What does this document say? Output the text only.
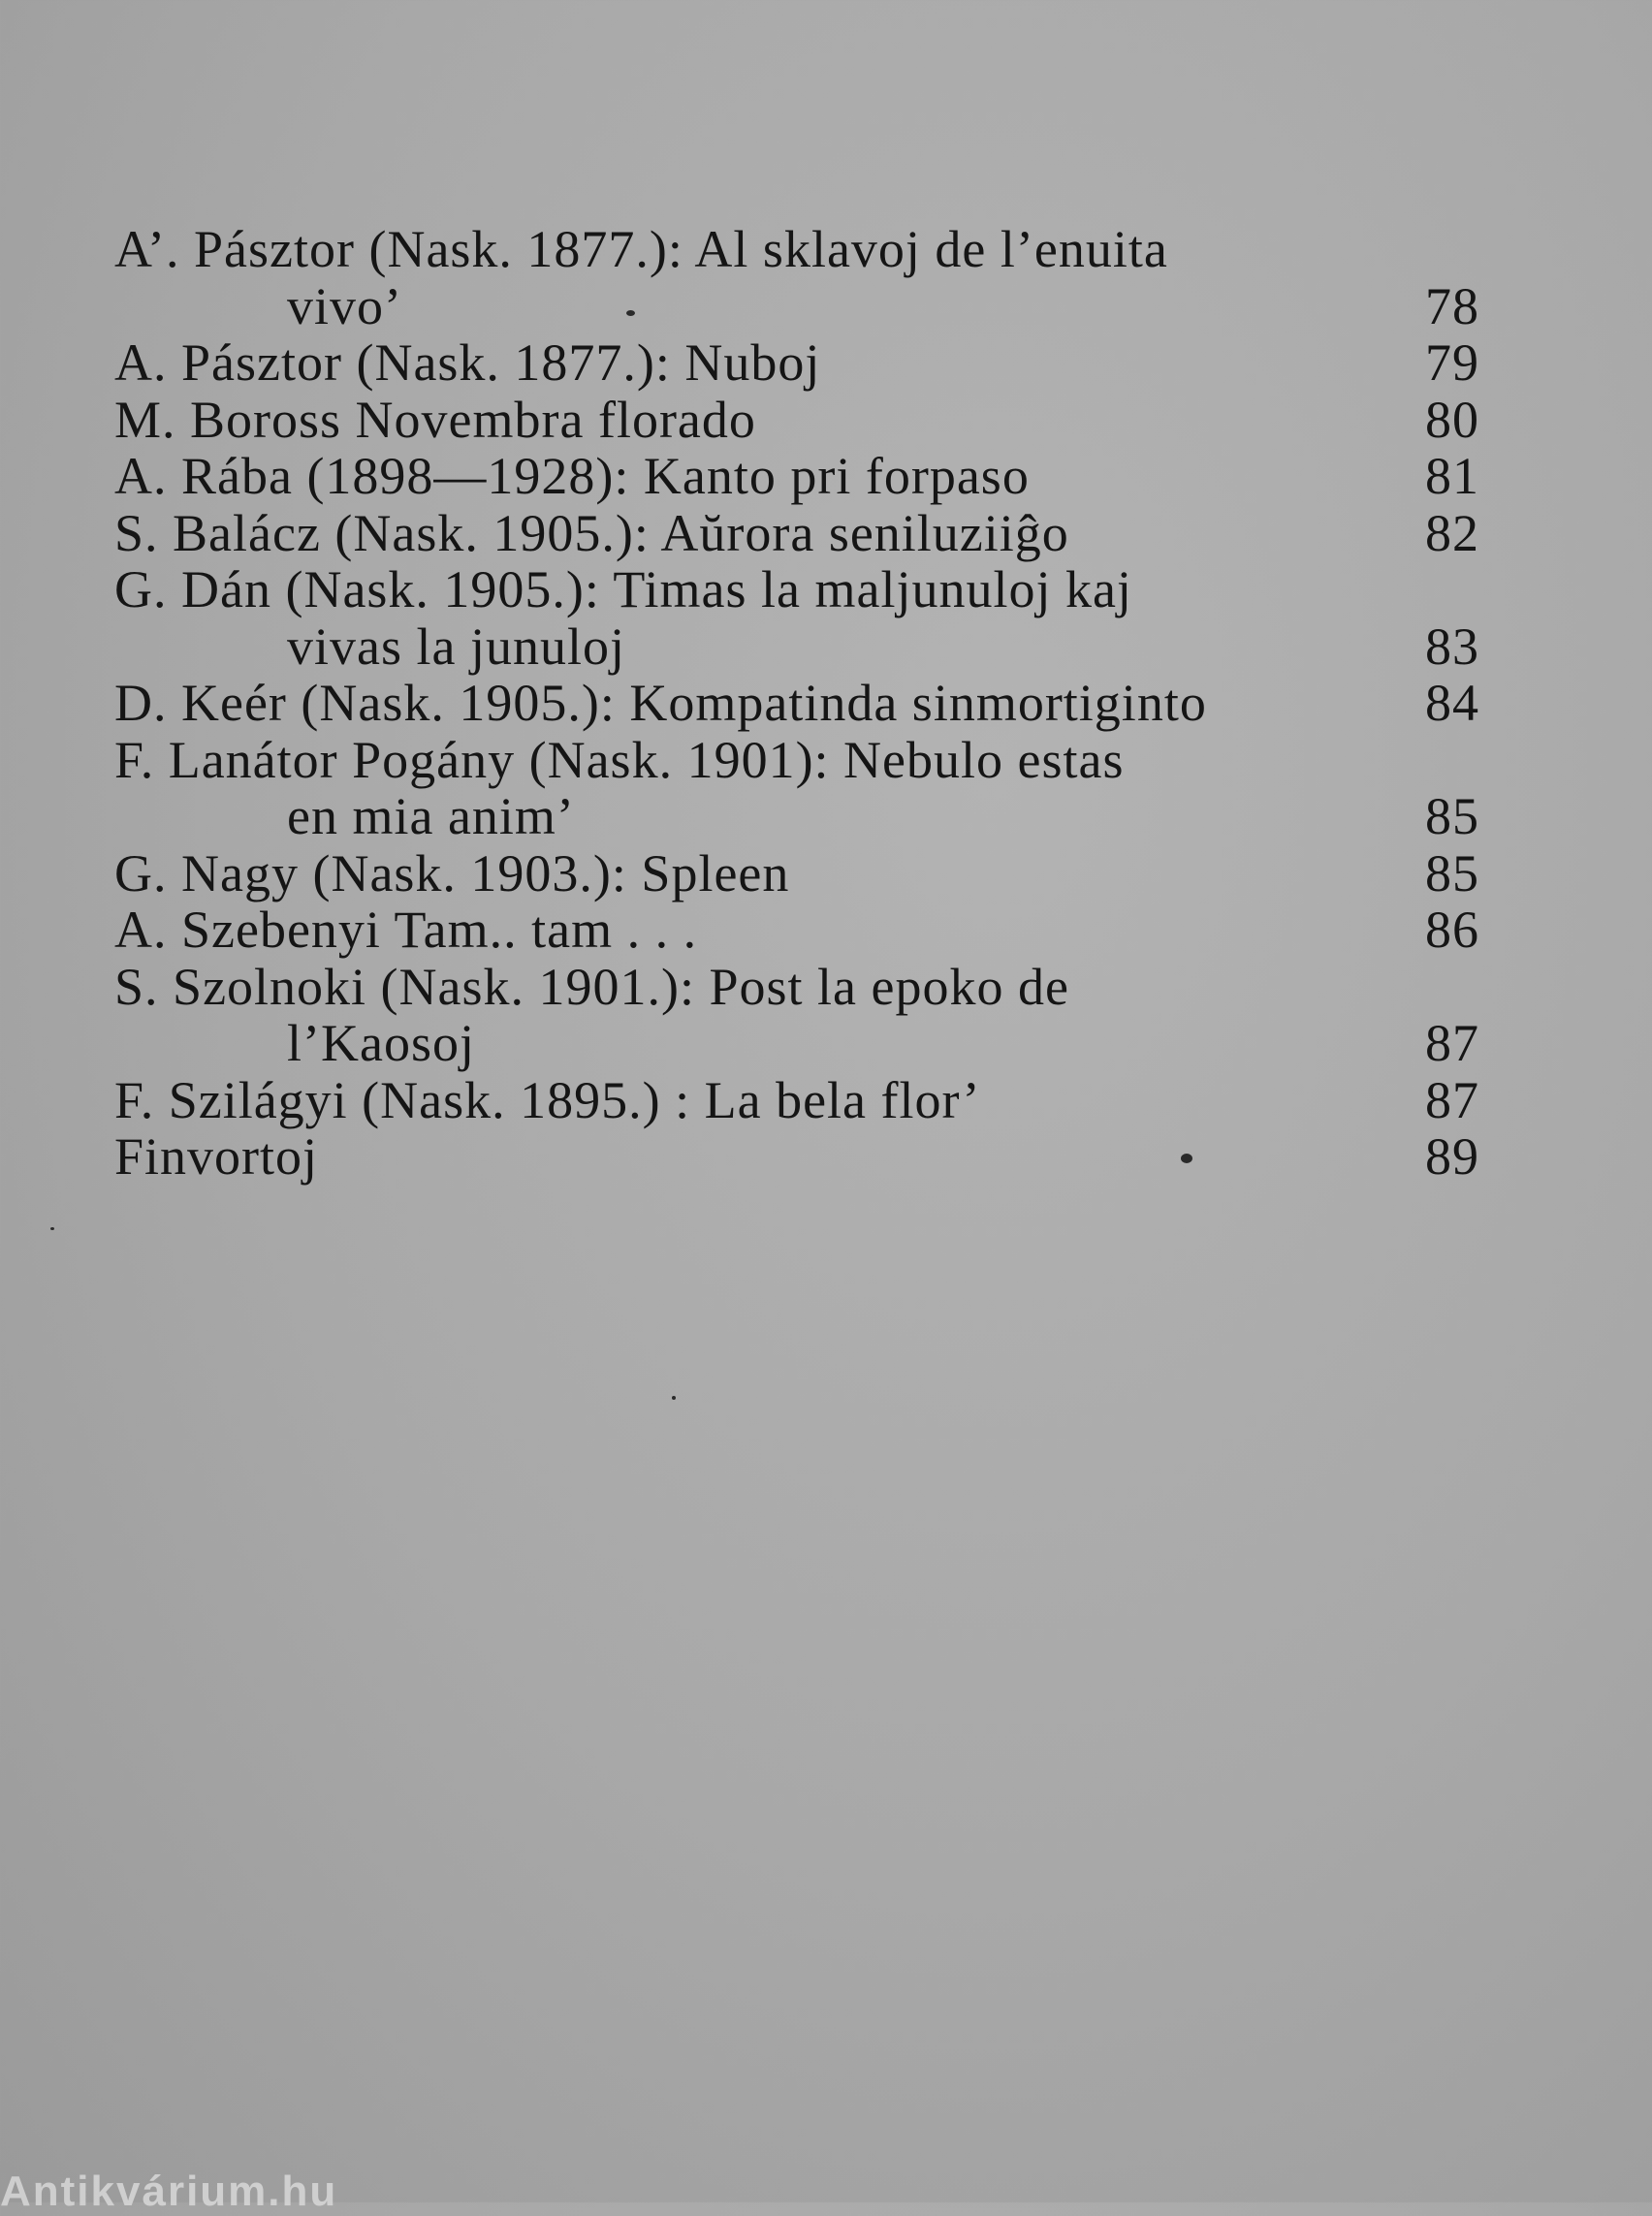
A’. Pásztor (Nask. 1877.): Al sklavoj de l’enuita
vivo’	78
A. Pásztor (Nask. 1877.): Nuboj	79
M. Boross Novembra florado	80
A. Rába (1898—1928): Kanto pri forpaso	81
S. Balácz (Nask. 1905.): Aŭrora seniluziiĝo	82
G. Dán (Nask. 1905.): Timas la maljunuloj kaj
vivas la junuloj	83
D. Keér (Nask. 1905.): Kompatinda sinmortiginto	84
F. Lanátor Pogány (Nask. 1901): Nebulo estas
en mia anim’	85
G. Nagy (Nask. 1903.): Spleen	85
A. Szebenyi Tam.. tam . . .	86
S. Szolnoki (Nask. 1901.): Post la epoko de
l’Kaosoj	87
F. Szilágyi (Nask. 1895.) : La bela flor’	87
Finvortoj	89
Antikvárium.hu
